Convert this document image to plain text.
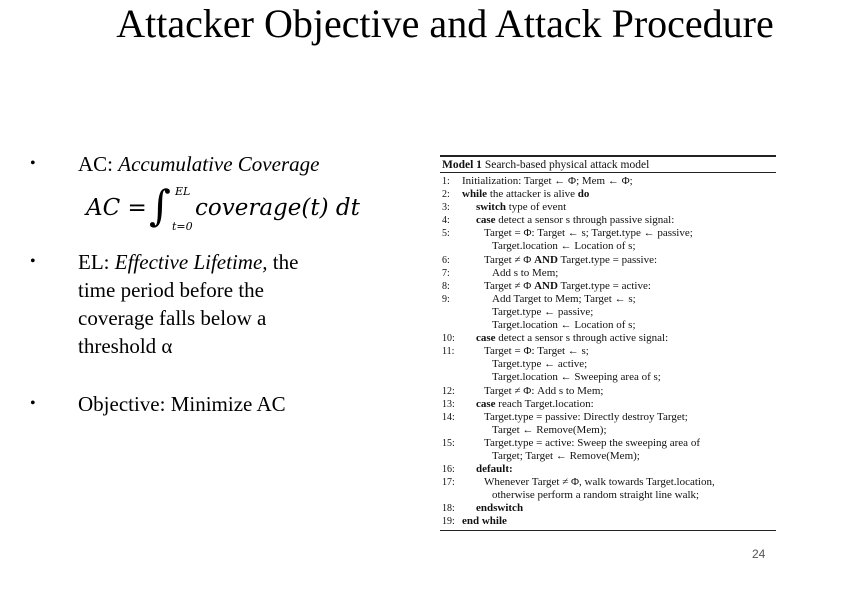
Attacker Objective and Attack Procedure
• AC: Accumulative Coverage
• EL: Effective Lifetime, the
time period before the
coverage falls below a
threshold α
• Objective: Minimize AC
AC = ∫ EL
t=0
coverage(t) dt
Model 1 Search-based physical attack model
1:	Initialization: Target ← Φ; Mem ← Φ;
2:	while the attacker is alive do
3:	switch type of event
4:	case detect a sensor s through passive signal:
5:	Target = Φ: Target ← s; Target.type ← passive;
Target.location ← Location of s;
6:	Target ≠ Φ AND Target.type = passive:
7:	Add s to Mem;
8:	Target ≠ Φ AND Target.type = active:
9:	Add Target to Mem; Target ← s;
Target.type ← passive;
Target.location ← Location of s;
10:	case detect a sensor s through active signal:
11:	Target = Φ: Target ← s;
Target.type ← active;
Target.location ← Sweeping area of s;
12:	Target ≠ Φ: Add s to Mem;
13:	case reach Target.location:
14:	Target.type = passive: Directly destroy Target;
Target ← Remove(Mem);
15:	Target.type = active: Sweep the sweeping area of
Target; Target ← Remove(Mem);
16:	default:
17:	Whenever Target ≠ Φ, walk towards Target.location,
otherwise perform a random straight line walk;
18:	endswitch
19: end while
24
